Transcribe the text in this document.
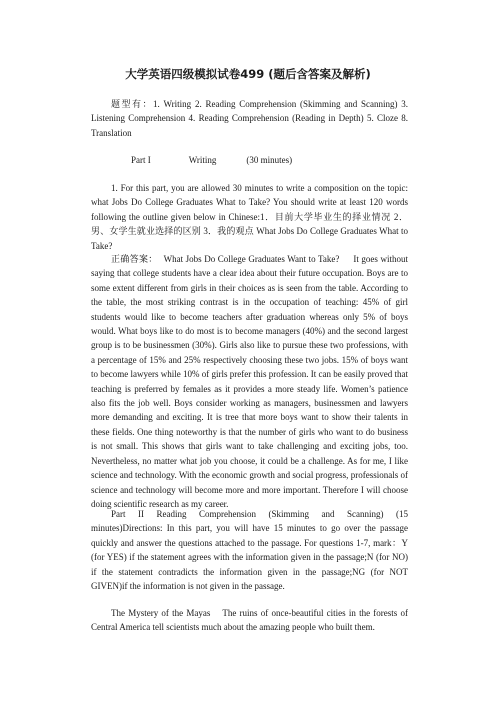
大学英语四级模拟试卷499 (题后含答案及解析)
题型有：1. Writing 2. Reading Comprehension (Skimming and Scanning) 3. Listening Comprehension 4. Reading Comprehension (Reading in Depth) 5. Cloze 8. Translation
Part I	Writing	(30 minutes)
1. For this part, you are allowed 30 minutes to write a composition on the topic: what Jobs Do College Graduates What to Take? You should write at least 120 words following the outline given below in Chinese:1．目前大学毕业生的择业情况 2．男、女学生就业选择的区别 3．我的观点 What Jobs Do College Graduates What to Take?
正确答案： What Jobs Do College Graduates Want to Take? It goes without saying that college students have a clear idea about their future occupation. Boys are to some extent different from girls in their choices as is seen from the table. According to the table, the most striking contrast is in the occupation of teaching: 45% of girl students would like to become teachers after graduation whereas only 5% of boys would. What boys like to do most is to become managers (40%) and the second largest group is to be businessmen (30%). Girls also like to pursue these two professions, with a percentage of 15% and 25% respectively choosing these two jobs. 15% of boys want to become lawyers while 10% of girls prefer this profession. It can be easily proved that teaching is preferred by females as it provides a more steady life. Women’s patience also fits the job well. Boys consider working as managers, businessmen and lawyers more demanding and exciting. It is tree that more boys want to show their talents in these fields. One thing noteworthy is that the number of girls who want to do business is not small. This shows that girls want to take challenging and exciting jobs, too. Nevertheless, no matter what job you choose, it could be a challenge. As for me, I like science and technology. With the economic growth and social progress, professionals of science and technology will become more and more important. Therefore I will choose doing scientific research as my career.
Part II Reading Comprehension (Skimming and Scanning) (15 minutes)Directions: In this part, you will have 15 minutes to go over the passage quickly and answer the questions attached to the passage. For questions 1-7, mark：Y (for YES) if the statement agrees with the information given in the passage;N (for NO) if the statement contradicts the information given in the passage;NG (for NOT GIVEN)if the information is not given in the passage.
The Mystery of the Mayas The ruins of once-beautiful cities in the forests of Central America tell scientists much about the amazing people who built them.
